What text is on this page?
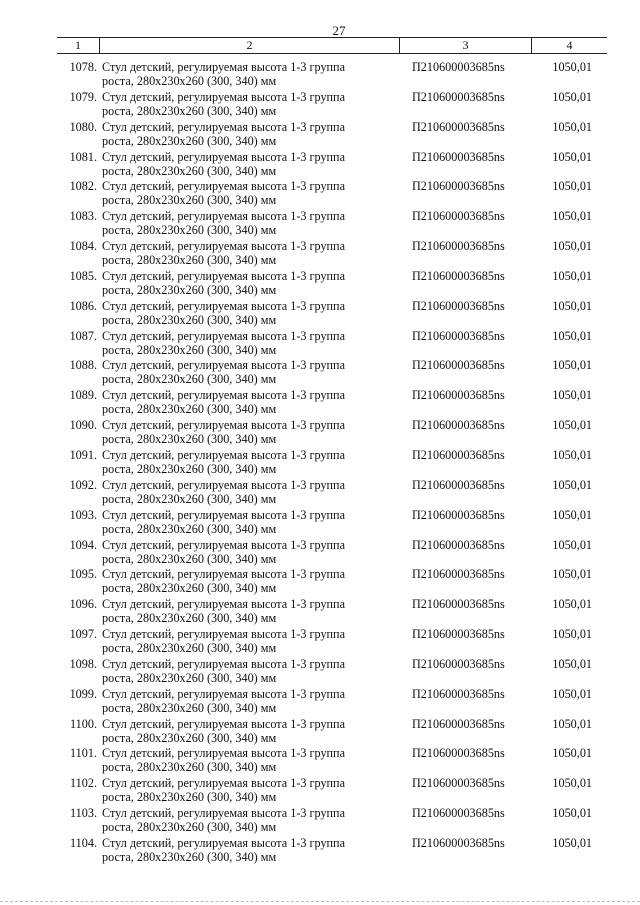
27
1	2	3	4
1078. Стул детский, регулируемая высота 1-3 группа
роста, 280x230x260 (300, 340) мм
П210600003685ns	1050,01
1079. Стул детский, регулируемая высота 1-3 группа
роста, 280x230x260 (300, 340) мм
П210600003685ns	1050,01
1080. Стул детский, регулируемая высота 1-3 группа
роста, 280x230x260 (300, 340) мм
П210600003685ns	1050,01
1081. Стул детский, регулируемая высота 1-3 группа
роста, 280x230x260 (300, 340) мм
П210600003685ns	1050,01
1082. Стул детский, регулируемая высота 1-3 группа
роста, 280x230x260 (300, 340) мм
П210600003685ns	1050,01
1083. Стул детский, регулируемая высота 1-3 группа
роста, 280x230x260 (300, 340) мм
П210600003685ns	1050,01
1084. Стул детский, регулируемая высота 1-3 группа
роста, 280x230x260 (300, 340) мм
П210600003685ns	1050,01
1085. Стул детский, регулируемая высота 1-3 группа
роста, 280x230x260 (300, 340) мм
П210600003685ns	1050,01
1086. Стул детский, регулируемая высота 1-3 группа
роста, 280x230x260 (300, 340) мм
П210600003685ns	1050,01
1087. Стул детский, регулируемая высота 1-3 группа
роста, 280x230x260 (300, 340) мм
П210600003685ns	1050,01
1088. Стул детский, регулируемая высота 1-3 группа
роста, 280x230x260 (300, 340) мм
П210600003685ns	1050,01
1089. Стул детский, регулируемая высота 1-3 группа
роста, 280x230x260 (300, 340) мм
П210600003685ns	1050,01
1090. Стул детский, регулируемая высота 1-3 группа
роста, 280x230x260 (300, 340) мм
П210600003685ns	1050,01
1091. Стул детский, регулируемая высота 1-3 группа
роста, 280x230x260 (300, 340) мм
П210600003685ns	1050,01
1092. Стул детский, регулируемая высота 1-3 группа
роста, 280x230x260 (300, 340) мм
П210600003685ns	1050,01
1093. Стул детский, регулируемая высота 1-3 группа
роста, 280x230x260 (300, 340) мм
П210600003685ns	1050,01
1094. Стул детский, регулируемая высота 1-3 группа
роста, 280x230x260 (300, 340) мм
П210600003685ns	1050,01
1095. Стул детский, регулируемая высота 1-3 группа
роста, 280x230x260 (300, 340) мм
П210600003685ns	1050,01
1096. Стул детский, регулируемая высота 1-3 группа
роста, 280x230x260 (300, 340) мм
П210600003685ns	1050,01
1097. Стул детский, регулируемая высота 1-3 группа
роста, 280x230x260 (300, 340) мм
П210600003685ns	1050,01
1098. Стул детский, регулируемая высота 1-3 группа
роста, 280x230x260 (300, 340) мм
П210600003685ns	1050,01
1099. Стул детский, регулируемая высота 1-3 группа
роста, 280x230x260 (300, 340) мм
П210600003685ns	1050,01
1100. Стул детский, регулируемая высота 1-3 группа
роста, 280x230x260 (300, 340) мм
П210600003685ns	1050,01
1101. Стул детский, регулируемая высота 1-3 группа
роста, 280x230x260 (300, 340) мм
П210600003685ns	1050,01
1102. Стул детский, регулируемая высота 1-3 группа
роста, 280x230x260 (300, 340) мм
П210600003685ns	1050,01
1103. Стул детский, регулируемая высота 1-3 группа
роста, 280x230x260 (300, 340) мм
П210600003685ns	1050,01
1104. Стул детский, регулируемая высота 1-3 группа
роста, 280x230x260 (300, 340) мм
П210600003685ns	1050,01
